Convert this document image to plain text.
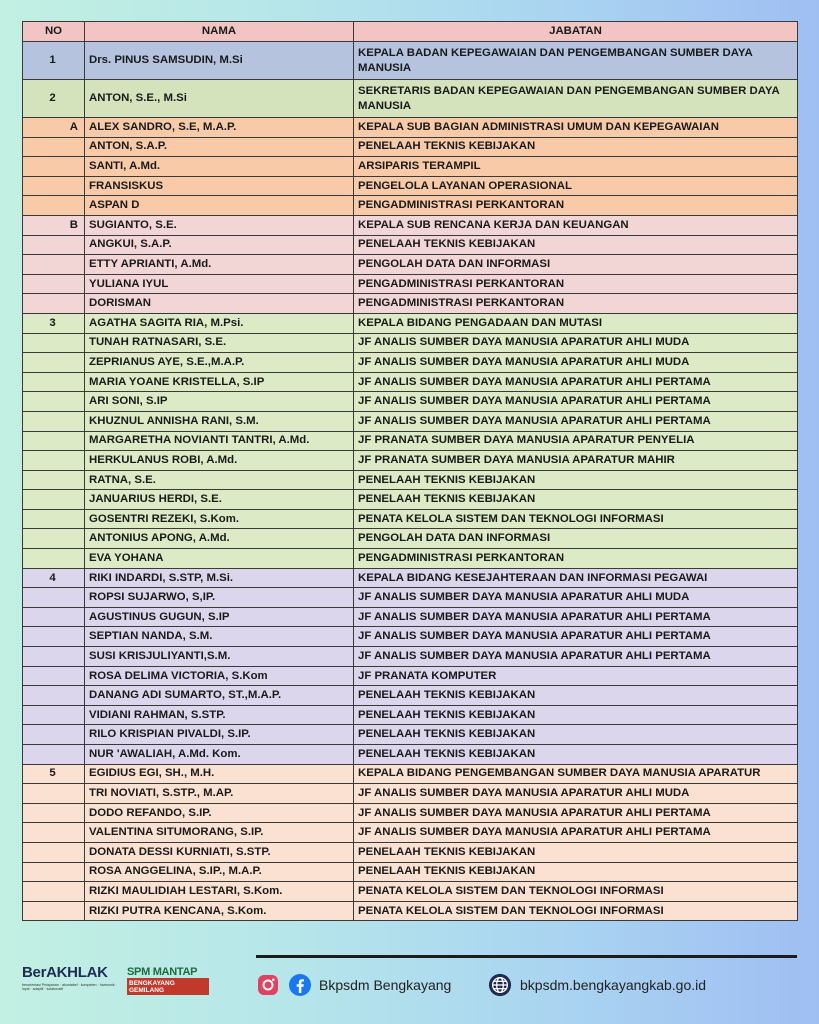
NO	NAMA	JABATAN
1	Drs. PINUS SAMSUDIN, M.Si	KEPALA BADAN KEPEGAWAIAN DAN PENGEMBANGAN SUMBER DAYA MANUSIA
2	ANTON, S.E., M.Si	SEKRETARIS BADAN KEPEGAWAIAN DAN PENGEMBANGAN SUMBER DAYA MANUSIA
A	ALEX SANDRO, S.E, M.A.P.	KEPALA SUB BAGIAN ADMINISTRASI UMUM DAN KEPEGAWAIAN
	ANTON, S.A.P.	PENELAAH TEKNIS KEBIJAKAN
	SANTI, A.Md.	ARSIPARIS TERAMPIL
	FRANSISKUS	PENGELOLA LAYANAN OPERASIONAL
	ASPAN D	PENGADMINISTRASI PERKANTORAN
B	SUGIANTO, S.E.	KEPALA SUB RENCANA KERJA DAN KEUANGAN
	ANGKUI, S.A.P.	PENELAAH TEKNIS KEBIJAKAN
	ETTY APRIANTI, A.Md.	PENGOLAH DATA DAN INFORMASI
	YULIANA IYUL	PENGADMINISTRASI PERKANTORAN
	DORISMAN	PENGADMINISTRASI PERKANTORAN
3	AGATHA SAGITA RIA, M.Psi.	KEPALA BIDANG PENGADAAN DAN MUTASI
	TUNAH RATNASARI, S.E.	JF ANALIS SUMBER DAYA MANUSIA APARATUR AHLI MUDA
	ZEPRIANUS AYE, S.E.,M.A.P.	JF ANALIS SUMBER DAYA MANUSIA APARATUR AHLI MUDA
	MARIA YOANE KRISTELLA, S.IP	JF ANALIS SUMBER DAYA MANUSIA APARATUR AHLI PERTAMA
	ARI SONI, S.IP	JF ANALIS SUMBER DAYA MANUSIA APARATUR AHLI PERTAMA
	KHUZNUL ANNISHA RANI, S.M.	JF ANALIS SUMBER DAYA MANUSIA APARATUR AHLI PERTAMA
	MARGARETHA NOVIANTI TANTRI, A.Md.	JF PRANATA SUMBER DAYA MANUSIA APARATUR PENYELIA
	HERKULANUS ROBI, A.Md.	JF PRANATA SUMBER DAYA MANUSIA APARATUR MAHIR
	RATNA, S.E.	PENELAAH TEKNIS KEBIJAKAN
	JANUARIUS HERDI, S.E.	PENELAAH TEKNIS KEBIJAKAN
	GOSENTRI REZEKI, S.Kom.	PENATA KELOLA SISTEM DAN TEKNOLOGI INFORMASI
	ANTONIUS APONG, A.Md.	PENGOLAH DATA DAN INFORMASI
	EVA YOHANA	PENGADMINISTRASI PERKANTORAN
4	RIKI INDARDI, S.STP, M.Si.	KEPALA BIDANG KESEJAHTERAAN DAN INFORMASI PEGAWAI
	ROPSI SUJARWO, S,IP.	JF ANALIS SUMBER DAYA MANUSIA APARATUR AHLI MUDA
	AGUSTINUS GUGUN, S.IP	JF ANALIS SUMBER DAYA MANUSIA APARATUR AHLI PERTAMA
	SEPTIAN NANDA, S.M.	JF ANALIS SUMBER DAYA MANUSIA APARATUR AHLI PERTAMA
	SUSI KRISJULIYANTI,S.M.	JF ANALIS SUMBER DAYA MANUSIA APARATUR AHLI PERTAMA
	ROSA DELIMA VICTORIA, S.Kom	JF PRANATA KOMPUTER
	DANANG ADI SUMARTO, ST.,M.A.P.	PENELAAH TEKNIS KEBIJAKAN
	VIDIANI RAHMAN, S.STP.	PENELAAH TEKNIS KEBIJAKAN
	RILO KRISPIAN PIVALDI, S.IP.	PENELAAH TEKNIS KEBIJAKAN
	NUR 'AWALIAH, A.Md. Kom.	PENELAAH TEKNIS KEBIJAKAN
5	EGIDIUS EGI, SH., M.H.	KEPALA BIDANG PENGEMBANGAN SUMBER DAYA MANUSIA APARATUR
	TRI NOVIATI, S.STP., M.AP.	JF ANALIS SUMBER DAYA MANUSIA APARATUR AHLI MUDA
	DODO REFANDO, S.IP.	JF ANALIS SUMBER DAYA MANUSIA APARATUR AHLI PERTAMA
	VALENTINA SITUMORANG, S.IP.	JF ANALIS SUMBER DAYA MANUSIA APARATUR AHLI PERTAMA
	DONATA DESSI KURNIATI, S.STP.	PENELAAH TEKNIS KEBIJAKAN
	ROSA ANGGELINA, S.IP., M.A.P.	PENELAAH TEKNIS KEBIJAKAN
	RIZKI MAULIDIAH LESTARI, S.Kom.	PENATA KELOLA SISTEM DAN TEKNOLOGI INFORMASI
	RIZKI PUTRA KENCANA, S.Kom.	PENATA KELOLA SISTEM DAN TEKNOLOGI INFORMASI
BerAKHLAK
berorientasi Pelayanan · akuntabel · kompeten · harmonis · loyal · adaptif · kolaboratif
SPM MANTAP
BENGKAYANG GEMILANG	Bkpsdm Bengkayang	bkpsdm.bengkayangkab.go.id
